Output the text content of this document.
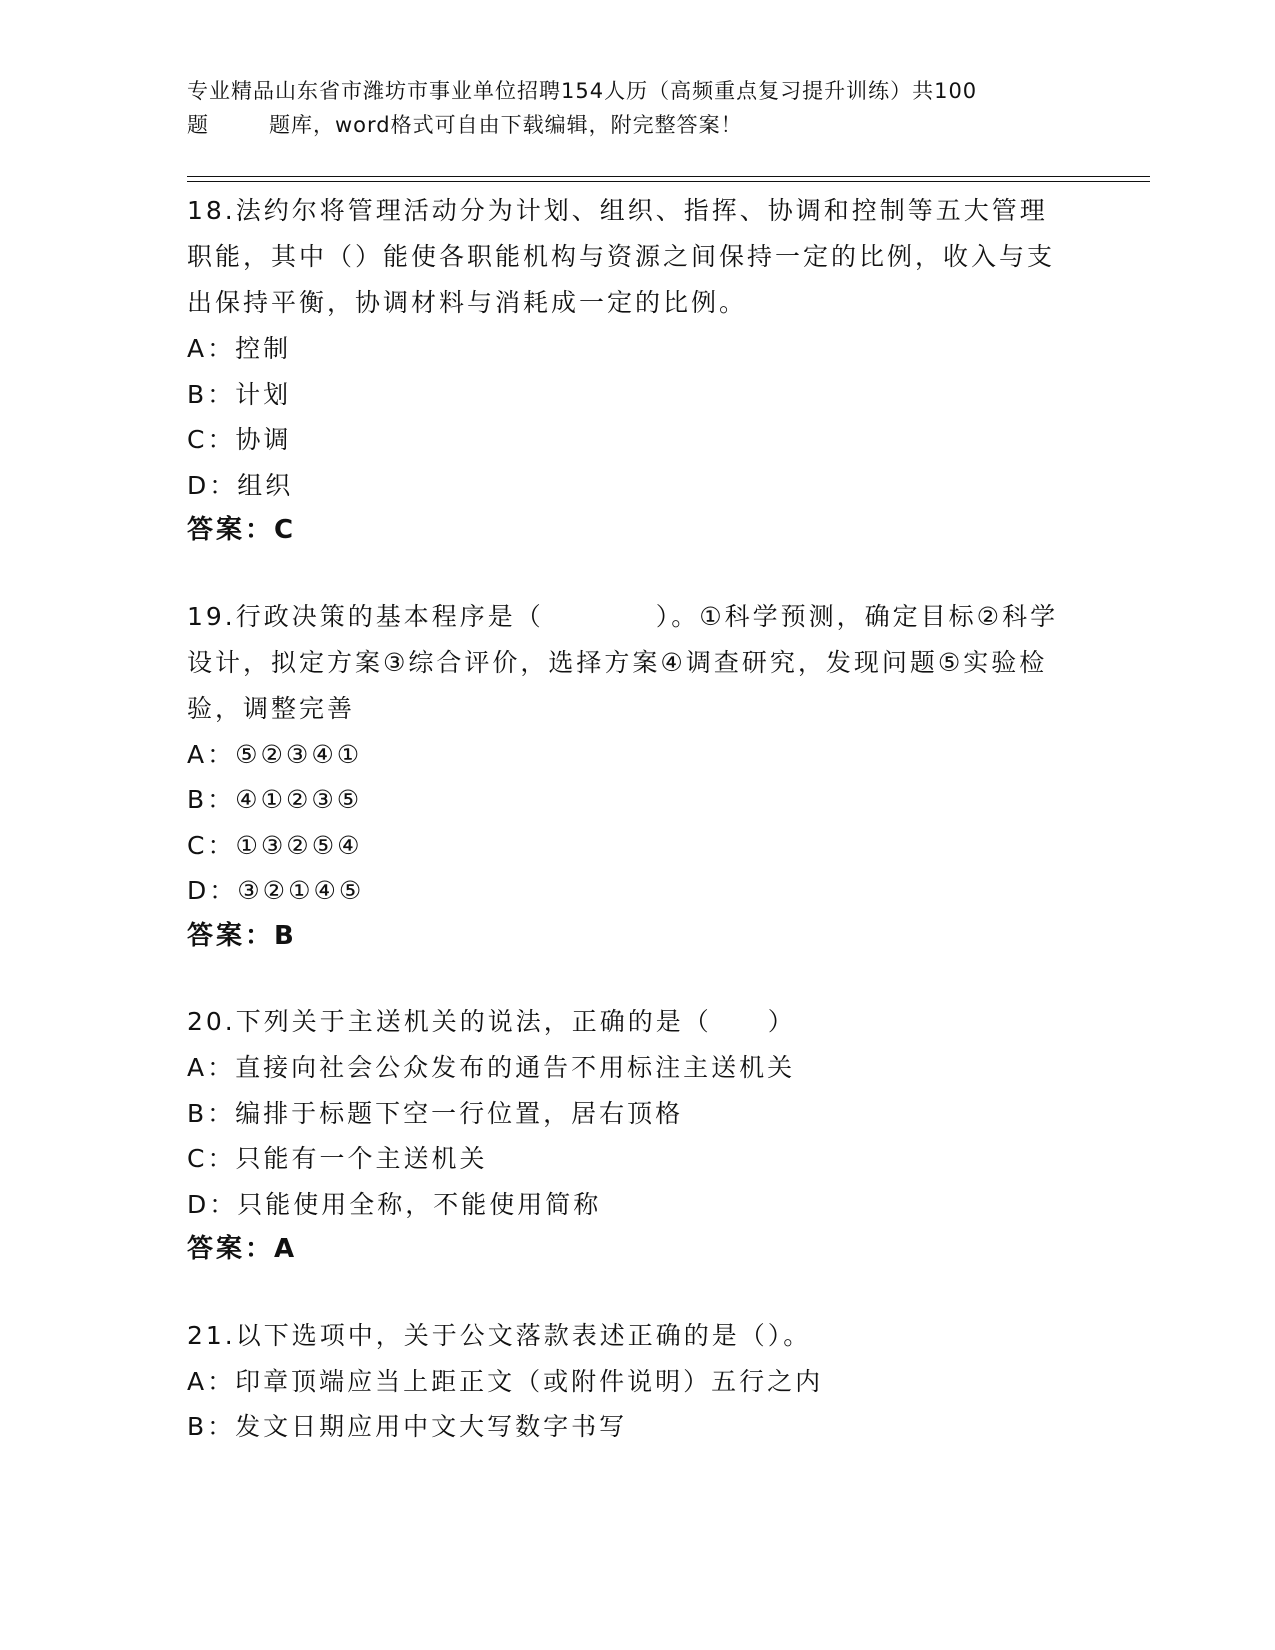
专业精品山东省市潍坊市事业单位招聘154人历（高频重点复习提升训练）共100
题	题库，word格式可自由下载编辑，附完整答案！
18.法约尔将管理活动分为计划、组织、指挥、协调和控制等五大管理职能，其中（）能使各职能机构与资源之间保持一定的比例，收入与支出保持平衡，协调材料与消耗成一定的比例。
A：控制
B：计划
C：协调
D：组织
答案：C
19.行政决策的基本程序是（　　　　）。①科学预测，确定目标②科学设计，拟定方案③综合评价，选择方案④调查研究，发现问题⑤实验检验，调整完善
A：⑤②③④①
B：④①②③⑤
C：①③②⑤④
D：③②①④⑤
答案：B
20.下列关于主送机关的说法，正确的是（　　）
A：直接向社会公众发布的通告不用标注主送机关
B：编排于标题下空一行位置，居右顶格
C：只能有一个主送机关
D：只能使用全称，不能使用简称
答案：A
21.以下选项中，关于公文落款表述正确的是（）。
A：印章顶端应当上距正文（或附件说明）五行之内
B：发文日期应用中文大写数字书写
